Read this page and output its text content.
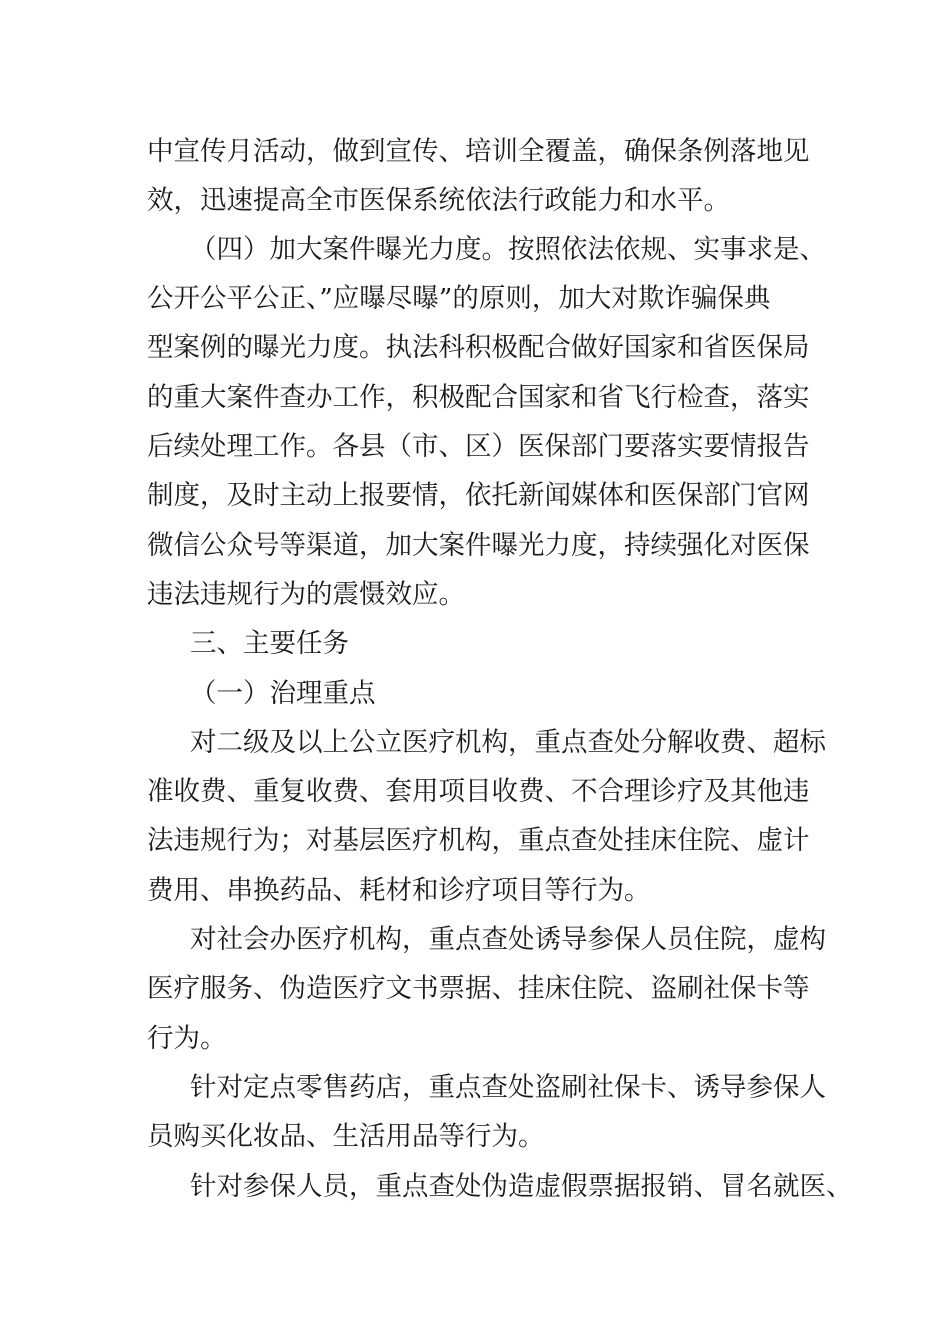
中宣传月活动，做到宣传、培训全覆盖，确保条例落地见
效，迅速提高全市医保系统依法行政能力和水平。
（四）加大案件曝光力度。按照依法依规、实事求是、
公开公平公正、”应曝尽曝”的原则，加大对欺诈骗保典
型案例的曝光力度。执法科积极配合做好国家和省医保局
的重大案件查办工作，积极配合国家和省飞行检查，落实
后续处理工作。各县（市、区）医保部门要落实要情报告
制度，及时主动上报要情，依托新闻媒体和医保部门官网
微信公众号等渠道，加大案件曝光力度，持续强化对医保
违法违规行为的震慑效应。
三、主要任务
（一）治理重点
对二级及以上公立医疗机构，重点查处分解收费、超标
准收费、重复收费、套用项目收费、不合理诊疗及其他违
法违规行为；对基层医疗机构，重点查处挂床住院、虚计
费用、串换药品、耗材和诊疗项目等行为。
对社会办医疗机构，重点查处诱导参保人员住院，虚构
医疗服务、伪造医疗文书票据、挂床住院、盗刷社保卡等
行为。
针对定点零售药店，重点查处盗刷社保卡、诱导参保人
员购买化妆品、生活用品等行为。
针对参保人员，重点查处伪造虚假票据报销、冒名就医、
